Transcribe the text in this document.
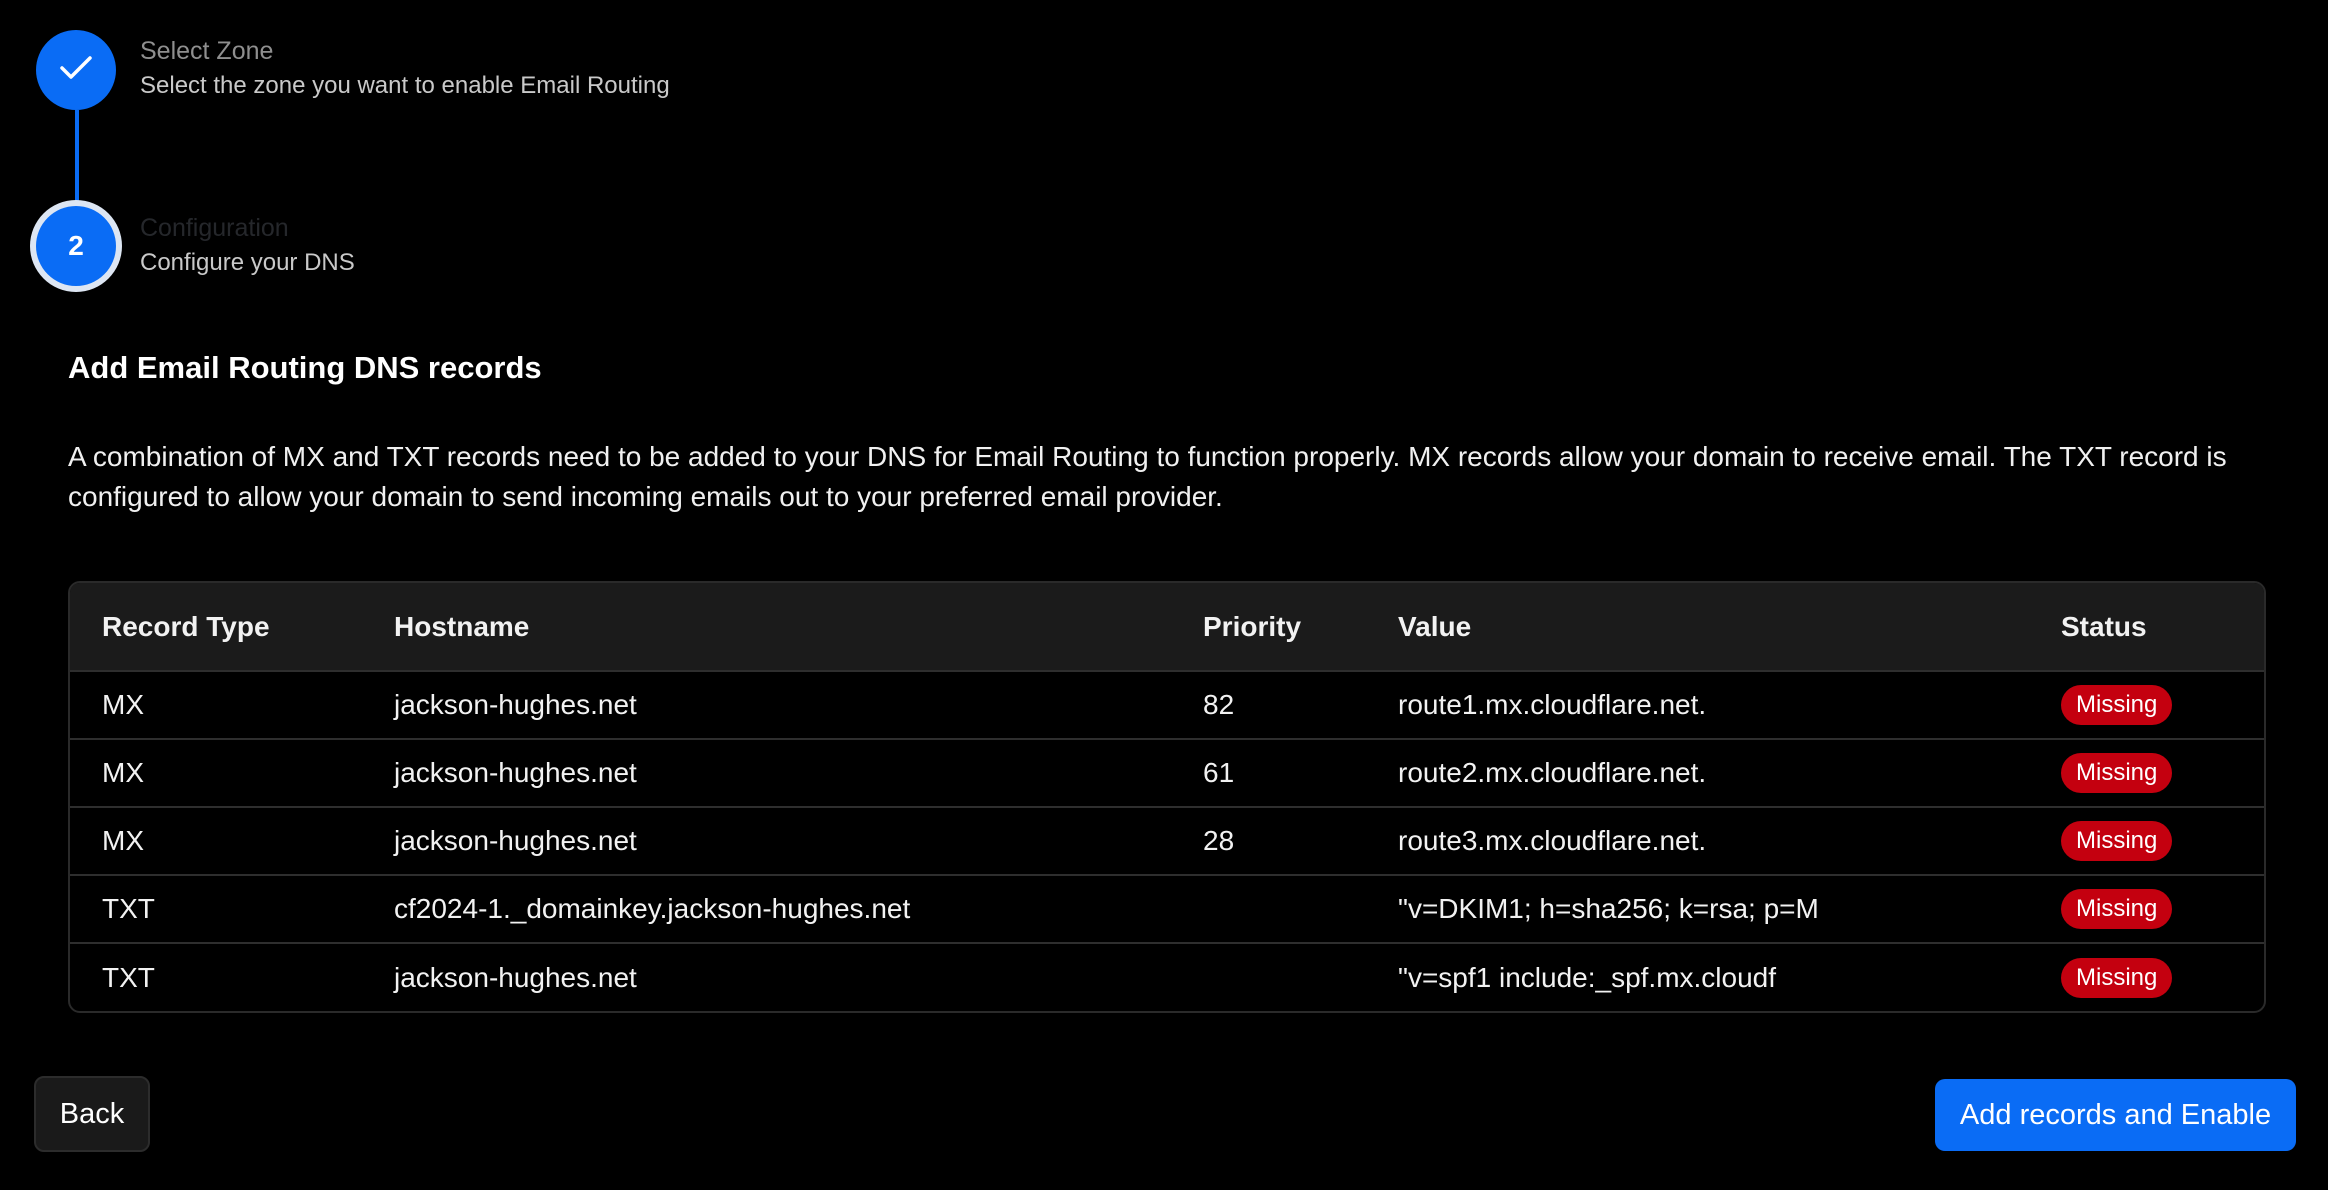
Select Zone
Select the zone you want to enable Email Routing
2
Configuration
Configure your DNS
Add Email Routing DNS records
A combination of MX and TXT records need to be added to your DNS for Email Routing to function properly. MX records allow your domain to receive email. The TXT record is configured to allow your domain to send incoming emails out to your preferred email provider.
Record Type	Hostname	Priority	Value	Status
MX	jackson-hughes.net	82	route1.mx.cloudflare.net.	Missing
MX	jackson-hughes.net	61	route2.mx.cloudflare.net.	Missing
MX	jackson-hughes.net	28	route3.mx.cloudflare.net.	Missing
TXT	cf2024-1._domainkey.jackson-hughes.net		"v=DKIM1; h=sha256; k=rsa; p=M	Missing
TXT	jackson-hughes.net		"v=spf1 include:_spf.mx.cloudf	Missing
Back	Add records and Enable
